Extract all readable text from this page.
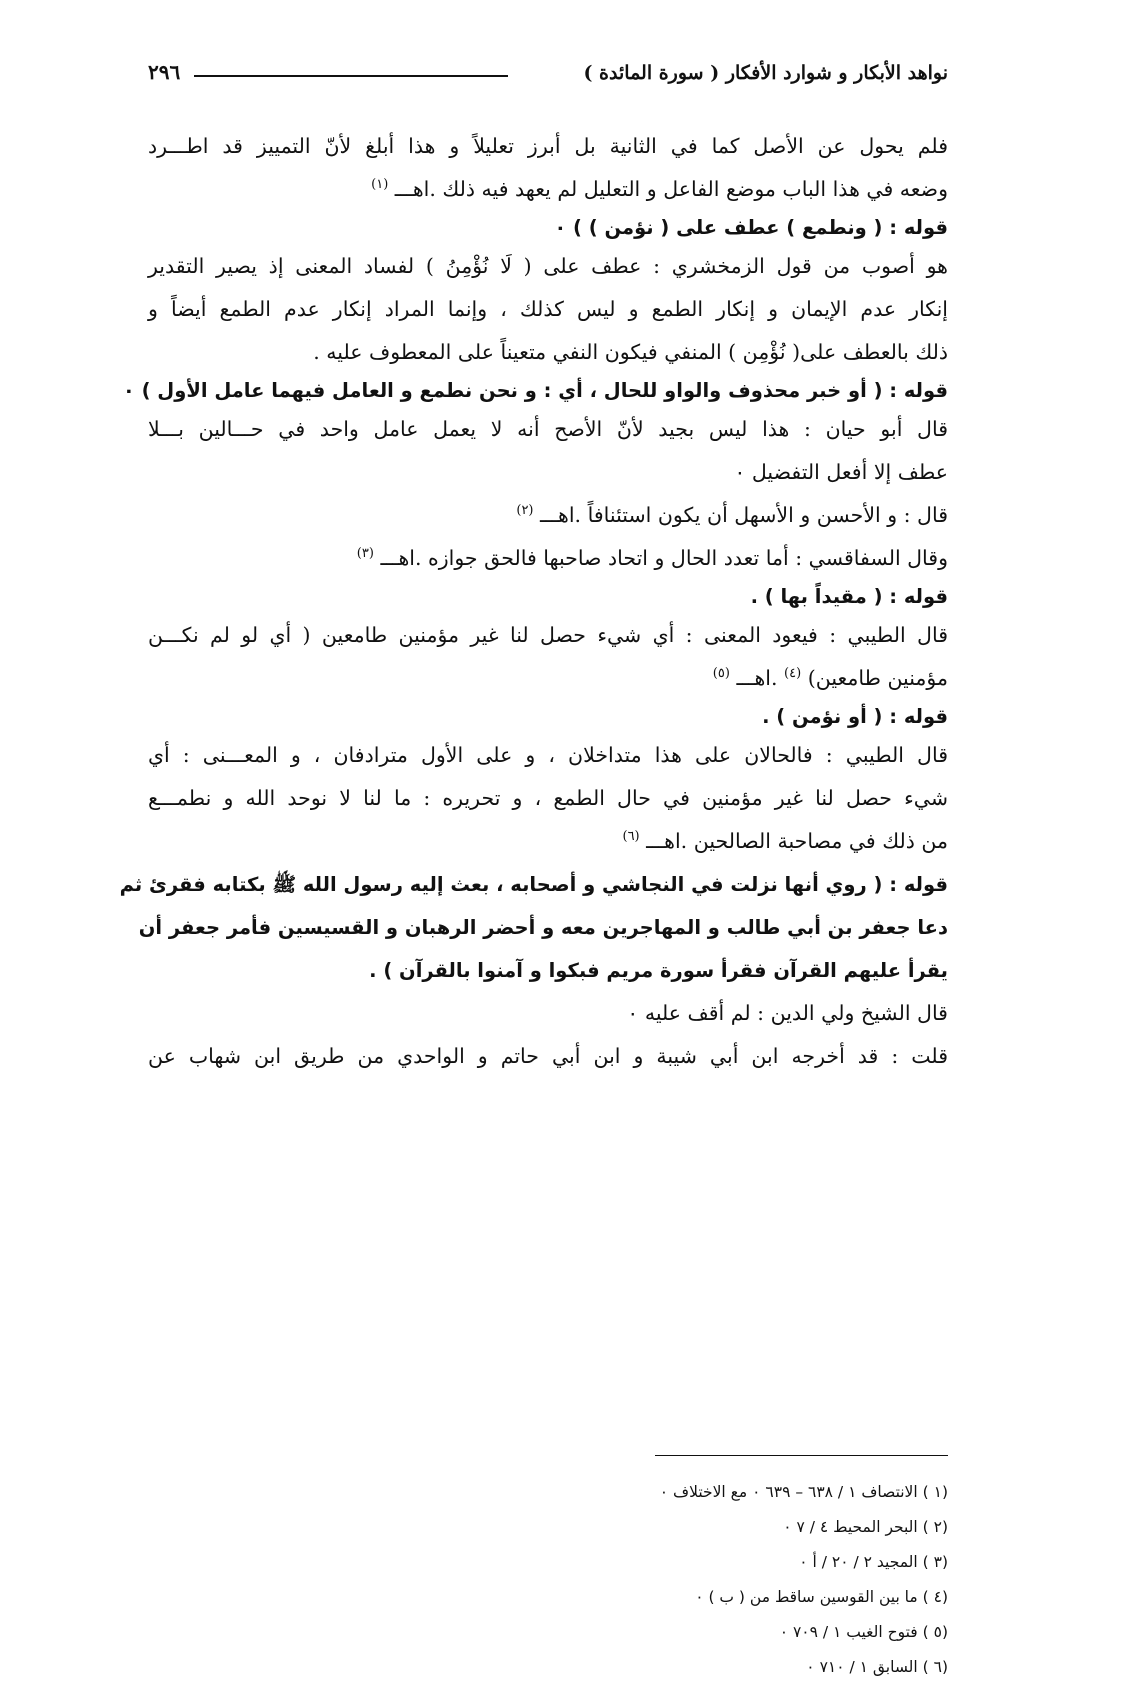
نواهد الأبكار و شوارد الأفكار ( سورة المائدة )
٢٩٦
فلم يحول عن الأصل كما في الثانية بل أبرز تعليلاً و هذا أبلغ لأنّ التمييز قد اطـــرد
وضعه في هذا الباب موضع الفاعل و التعليل لم يعهد فيه ذلك .اهـــ $^{(١)}$
قوله : ( ونطمع ) عطف على ( نؤمن ) ) ٠
هو أصوب من قول الزمخشري : عطف على ( لَا نُؤْمِنُ ) لفساد المعنى إذ يصير التقدير
إنكار عدم الإيمان و إنكار الطمع و ليس كذلك ، وإنما المراد إنكار عدم الطمع أيضاً و
ذلك بالعطف على( نُؤْمِن ) المنفي فيكون النفي متعيناً على المعطوف عليه .
قوله : ( أو خبر محذوف والواو للحال ، أي : و نحن نطمع و العامل فيهما عامل الأول ) ٠
قال أبو حيان : هذا ليس بجيد لأنّ الأصح أنه لا يعمل عامل واحد في حـــالين بـــلا
عطف إلا أفعل التفضيل ٠
قال : و الأحسن و الأسهل أن يكون استئنافاً .اهـــ $^{(٢)}$
وقال السفاقسي : أما تعدد الحال و اتحاد صاحبها فالحق جوازه .اهـــ $^{(٣)}$
قوله : ( مقيداً بها ) .
قال الطيبي : فيعود المعنى : أي شيء حصل لنا غير مؤمنين طامعين ( أي لو لم نكـــن
مؤمنين طامعين) $^{(٤)}$ .اهـــ $^{(٥)}$
قوله : ( أو نؤمن ) .
قال الطيبي : فالحالان على هذا متداخلان ، و على الأول مترادفان ، و المعـــنى : أي
شيء حصل لنا غير مؤمنين في حال الطمع ، و تحريره : ما لنا لا نوحد الله و نطمـــع
من ذلك في مصاحبة الصالحين .اهـــ $^{(٦)}$
قوله : ( روي أنها نزلت في النجاشي و أصحابه ، بعث إليه رسول الله ﷺ بكتابه فقرئ ثم
دعا جعفر بن أبي طالب و المهاجرين معه و أحضر الرهبان و القسيسين فأمر جعفر أن
يقرأ عليهم القرآن فقرأ سورة مريم فبكوا و آمنوا بالقرآن ) .
قال الشيخ ولي الدين : لم أقف عليه ٠
قلت : قد أخرجه ابن أبي شيبة و ابن أبي حاتم و الواحدي من طريق ابن شهاب عن
(١ ) الانتصاف ١ / ٦٣٨ – ٦٣٩ ٠ مع الاختلاف ٠
(٢ ) البحر المحيط ٤ / ٧ ٠
(٣ ) المجيد ٢ / ٢٠ / أ ٠
(٤ ) ما بين القوسين ساقط من ( ب ) ٠
(٥ ) فتوح الغيب ١ / ٧٠٩ ٠
(٦ ) السابق ١ / ٧١٠ ٠
